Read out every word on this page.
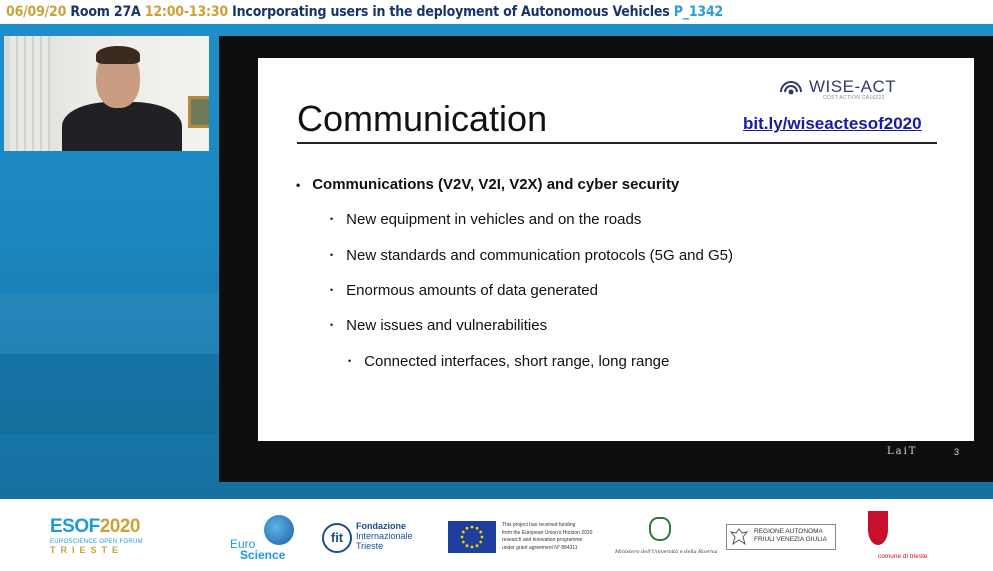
06/09/20 Room 27A 12:00-13:30 Incorporating users in the deployment of Autonomous Vehicles P_1342
WISE-ACT
COST ACTION CA16222
Communication	bit.ly/wiseactesof2020
• Communications (V2V, V2I, V2X) and cyber security
• New equipment in vehicles and on the roads
• New standards and communication protocols (5G and G5)
• Enormous amounts of data generated
• New issues and vulnerabilities
• Connected interfaces, short range, long range
LaiT	3
ESOF2020
EUROSCIENCE OPEN FORUM
TRIESTE	Euro
Science
fit
Fondazione
Internazionale
Trieste
This project has received funding
from the European Union's Horizon 2020
research and innovation programme
under grant agreement N° 884311
Ministero dell'Università e della Ricerca
REGIONE AUTONOMA
FRIULI VENEZIA GIULIA
comune di trieste
